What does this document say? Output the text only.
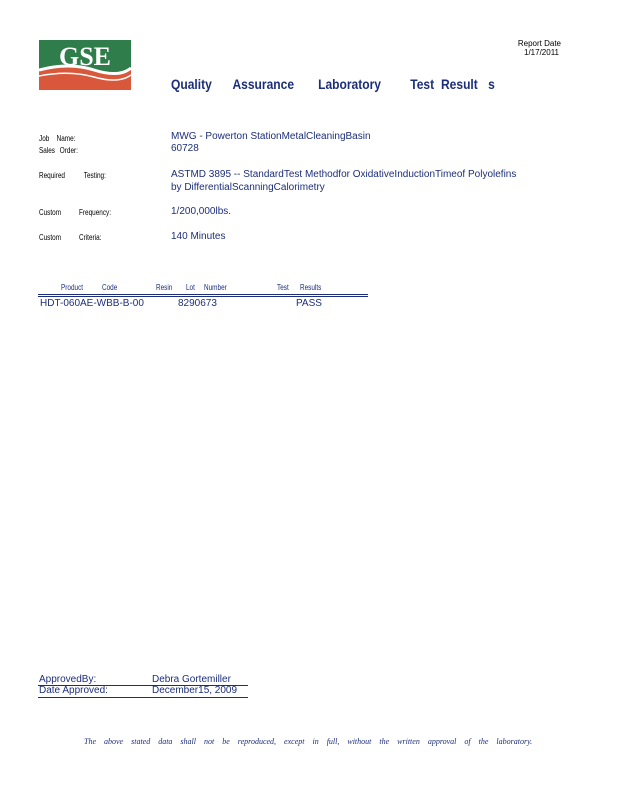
GSE	Report Date
1/17/2011
Quality Assurance Laboratory Test Result s
Job Name:	MWG - Powerton StationMetalCleaningBasin
Sales Order:	60728
Required Testing:	ASTMD 3895 -- StandardTest Methodfor OxidativeInductionTimeof Polyolefins
by DifferentialScanningCalorimetry
Custom Frequency:	1/200,000lbs.
Custom Criteria:	140 Minutes
Product Code	Resin Lot Number	Test Results
HDT-060AE-WBB-B-00	8290673	PASS
ApprovedBy:	Debra Gortemiller
Date Approved:	December15, 2009
The above stated data shall not be reproduced, except in full, without the written approval of the laboratory.
